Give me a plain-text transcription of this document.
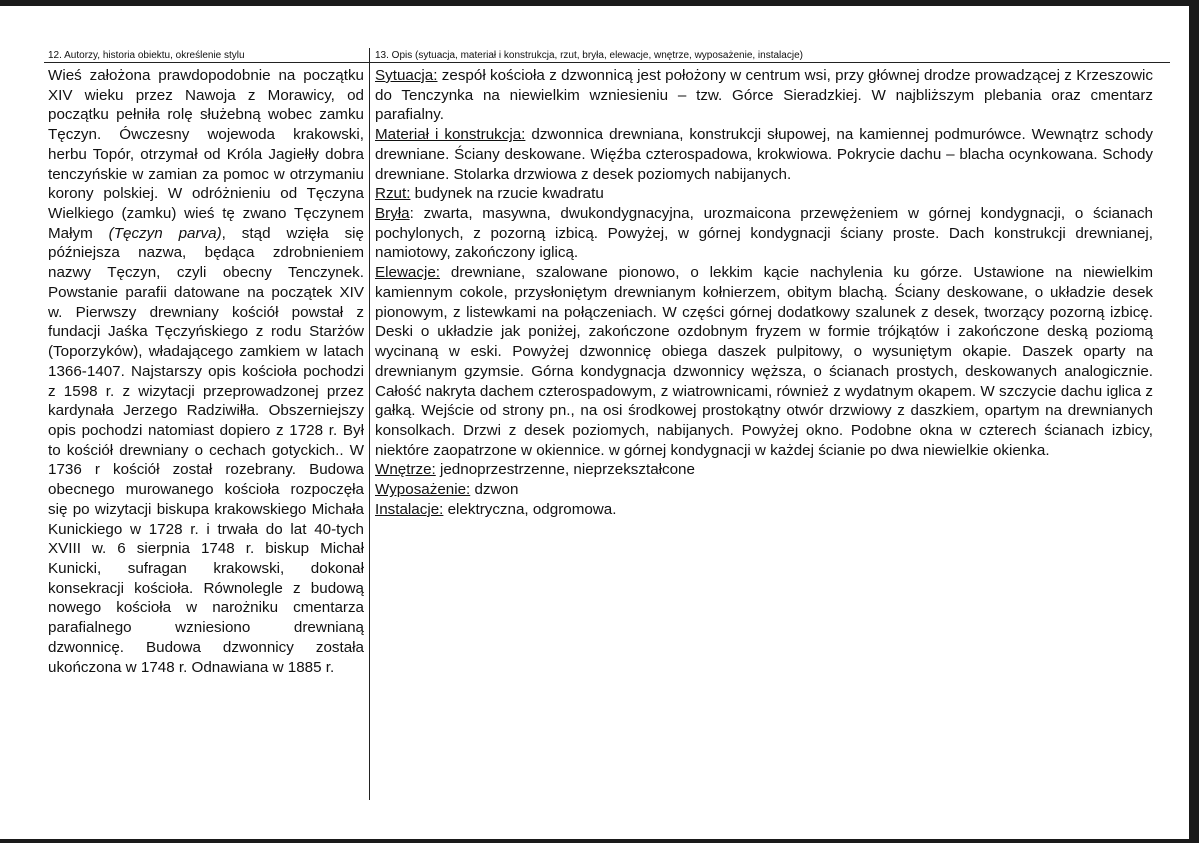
12. Autorzy, historia obiektu, określenie stylu	13. Opis (sytuacja, materiał i konstrukcja, rzut, bryła, elewacje, wnętrze, wyposażenie, instalacje)

Wieś założona prawdopodobnie na początku XIV wieku przez Nawoja z Morawicy, od początku pełniła rolę służebną wobec zamku Tęczyn. Ówczesny wojewoda krakowski, herbu Topór, otrzymał od Króla Jagiełły dobra tenczyńskie w zamian za pomoc w otrzymaniu korony polskiej. W odróżnieniu od Tęczyna Wielkiego (zamku) wieś tę zwano Tęczynem Małym (Tęczyn parva), stąd wzięła się późniejsza nazwa, będąca zdrobnieniem nazwy Tęczyn, czyli obecny Tenczynek. Powstanie parafii datowane na początek XIV w. Pierwszy drewniany kościół powstał z fundacji Jaśka Tęczyńskiego z rodu Starżów (Toporzyków), władającego zamkiem w latach 1366-1407. Najstarszy opis kościoła pochodzi z 1598 r. z wizytacji przeprowadzonej przez kardynała Jerzego Radziwiłła. Obszerniejszy opis pochodzi natomiast dopiero z 1728 r. Był to kościół drewniany o cechach gotyckich.. W 1736 r kościół został rozebrany. Budowa obecnego murowanego kościoła rozpoczęła się po wizytacji biskupa krakowskiego Michała Kunickiego w 1728 r. i trwała do lat 40-tych XVIII w. 6 sierpnia 1748 r. biskup Michał Kunicki, sufragan krakowski, dokonał konsekracji kościoła. Równolegle z budową nowego kościoła w narożniku cmentarza parafialnego wzniesiono drewnianą dzwonnicę. Budowa dzwonnicy została ukończona w 1748 r. Odnawiana w 1885 r.

Sytuacja: zespół kościoła z dzwonnicą jest położony w centrum wsi, przy głównej drodze prowadzącej z Krzeszowic do Tenczynka na niewielkim wzniesieniu – tzw. Górce Sieradzkiej. W najbliższym plebania oraz cmentarz parafialny.

Materiał i konstrukcja: dzwonnica drewniana, konstrukcji słupowej, na kamiennej podmurówce. Wewnątrz schody drewniane. Ściany deskowane. Więźba czterospadowa, krokwiowa. Pokrycie dachu – blacha ocynkowana. Schody drewniane. Stolarka drzwiowa z desek poziomych nabijanych.

Rzut: budynek na rzucie kwadratu

Bryła: zwarta, masywna, dwukondygnacyjna, urozmaicona przewężeniem w górnej kondygnacji, o ścianach pochylonych, z pozorną izbicą. Powyżej, w górnej kondygnacji ściany proste. Dach konstrukcji drewnianej, namiotowy, zakończony iglicą.

Elewacje: drewniane, szalowane pionowo, o lekkim kącie nachylenia ku górze. Ustawione na niewielkim kamiennym cokole, przysłoniętym drewnianym kołnierzem, obitym blachą. Ściany deskowane, o układzie desek pionowym, z listewkami na połączeniach. W części górnej dodatkowy szalunek z desek, tworzący pozorną izbicę. Deski o układzie jak poniżej, zakończone ozdobnym fryzem w formie trójkątów i zakończone deską poziomą wycinaną w eski. Powyżej dzwonnicę obiega daszek pulpitowy, o wysuniętym okapie. Daszek oparty na drewnianym gzymsie. Górna kondygnacja dzwonnicy węższa, o ścianach prostych, deskowanych analogicznie. Całość nakryta dachem czterospadowym, z wiatrownicami, również z wydatnym okapem. W szczycie dachu iglica z gałką. Wejście od strony pn., na osi środkowej prostokątny otwór drzwiowy z daszkiem, opartym na drewnianych konsolkach. Drzwi z desek poziomych, nabijanych. Powyżej okno. Podobne okna w czterech ścianach izbicy, niektóre zaopatrzone w okiennice. w górnej kondygnacji w każdej ścianie po dwa niewielkie okienka.

Wnętrze: jednoprzestrzenne, nieprzekształcone

Wyposażenie: dzwon

Instalacje: elektryczna, odgromowa.
